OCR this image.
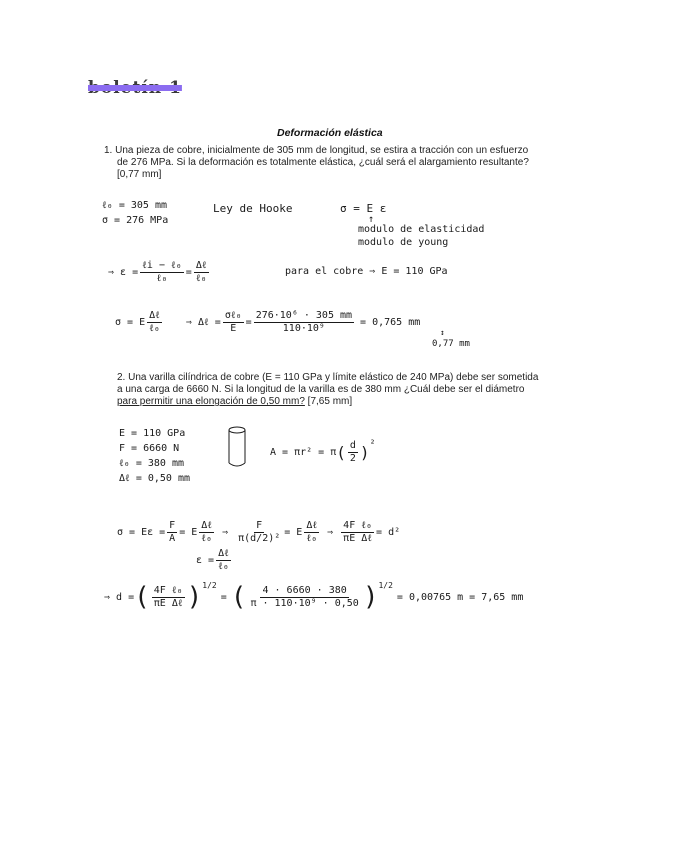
boletín 1
Deformación elástica
1. Una pieza de cobre, inicialmente de 305 mm de longitud, se estira a tracción con un esfuerzo
de 276 MPa. Si la deformación es totalmente elástica, ¿cuál será el alargamiento resultante?
[0,77 mm]
ℓ₀ = 305 mm
σ = 276 MPa
Ley de Hooke	σ = E ε
↑
modulo de elasticidad
modulo de young
⇒ $\varepsilon = \frac{\text{ℓi − ℓ₀}}{\text{ℓ₀}} = \frac{\text{Δℓ}}{\text{ℓ₀}}$	para el cobre ⇒ E = 110 GPa
σ = E $\frac{\text{Δℓ}}{\text{ℓ₀}}$ ⇒ Δℓ = $\frac{\text{σℓ₀}}{E} = \frac{\text{276·10⁶ · 305 mm}}{\text{110·10⁹}} = 0,765$ mm
↕
0,77 mm
2. Una varilla cilíndrica de cobre (E = 110 GPa y límite elástico de 240 MPa) debe ser sometida
a una carga de 6660 N. Si la longitud de la varilla es de 380 mm ¿Cuál debe ser el diámetro
para permitir una elongación de 0,50 mm? [7,65 mm]
E = 110 GPa
F = 6660 N
ℓ₀ = 380 mm
Δℓ = 0,50 mm
A = πr² = π ( $\frac{d}{2}$ ) ²
$\sigma = E\varepsilon = \frac{F}{A} = E \frac{\text{Δℓ}}{\text{ℓ₀}}$ ⇒ $\frac{F}{\text{π(d/2)²}} = E \frac{\text{Δℓ}}{\text{ℓ₀}}$ ⇒ $\frac{\text{4F ℓ₀}}{\text{πE Δℓ}} = d^2$
$\varepsilon = \frac{\text{Δℓ}}{\text{ℓ₀}}$
⇒ d = ( $\frac{\text{4F ℓ₀}}{\text{πE Δℓ}}$ ) 1/2
= ( $\frac{4 \cdot 6660 \cdot 380}{\text{π · 110·10⁹ · 0,50}}$ ) 1/2
= 0,00765 m = 7,65 mm
